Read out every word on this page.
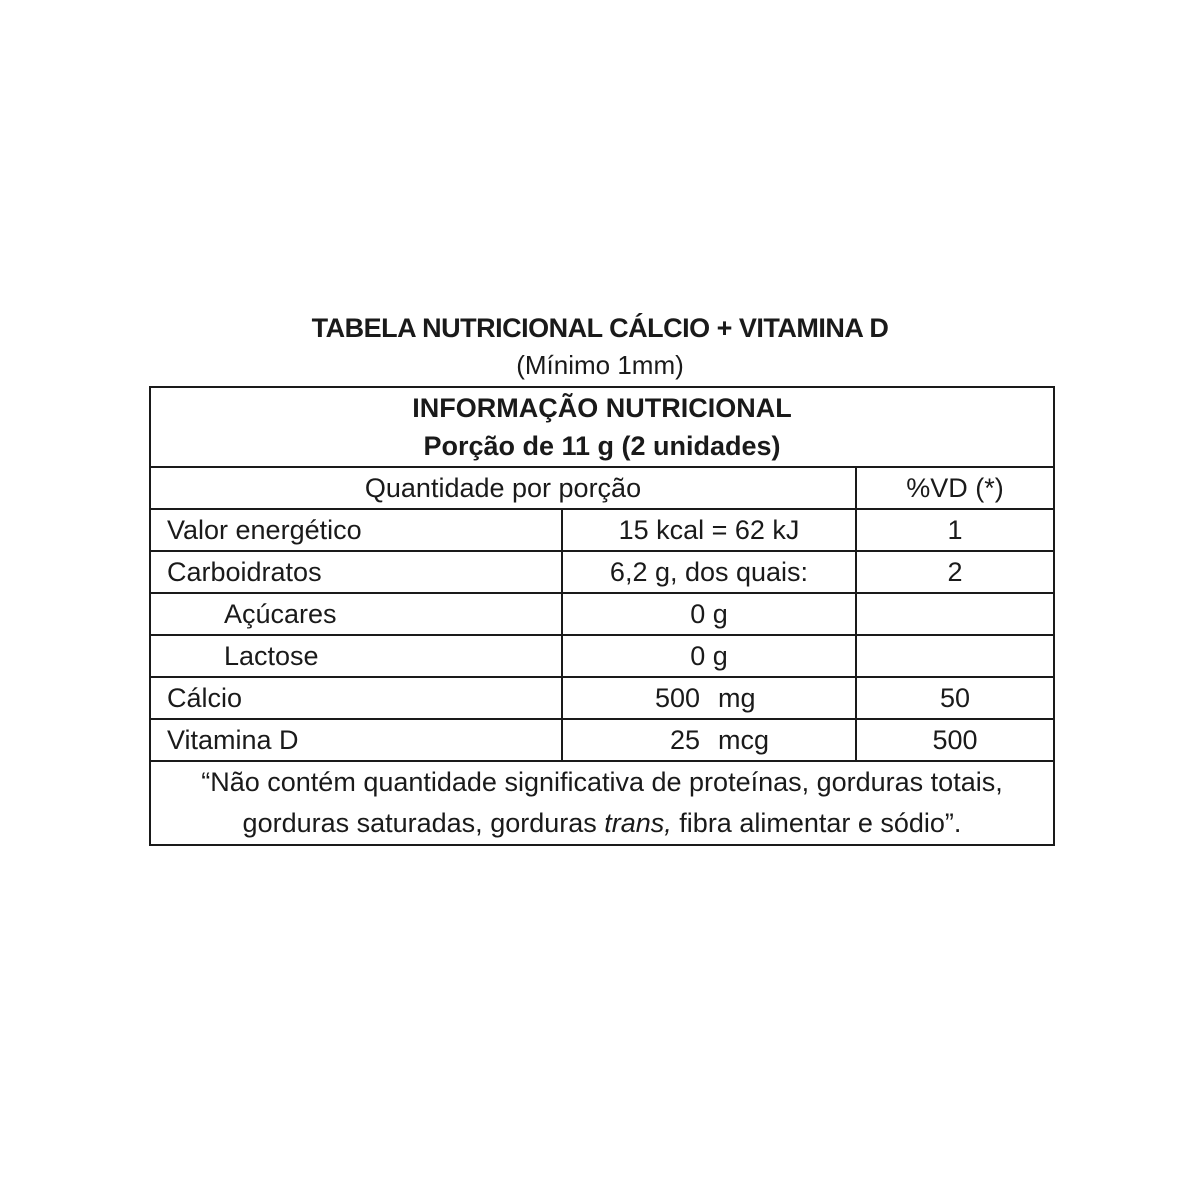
TABELA NUTRICIONAL CÁLCIO + VITAMINA D
(Mínimo 1mm)
INFORMAÇÃO NUTRICIONAL
Porção de 11 g (2 unidades)		

Quantidade por porção		%VD (*)
Valor energético	15 kcal = 62 kJ	1
Carboidratos	6,2 g, dos quais:	2
Açúcares	0 g	
Lactose	0 g	
Cálcio	500 mg	50
Vitamina D	25 mcg	500

“Não contém quantidade significativa de proteínas, gorduras totais,
gorduras saturadas, gorduras trans, fibra alimentar e sódio”.		
